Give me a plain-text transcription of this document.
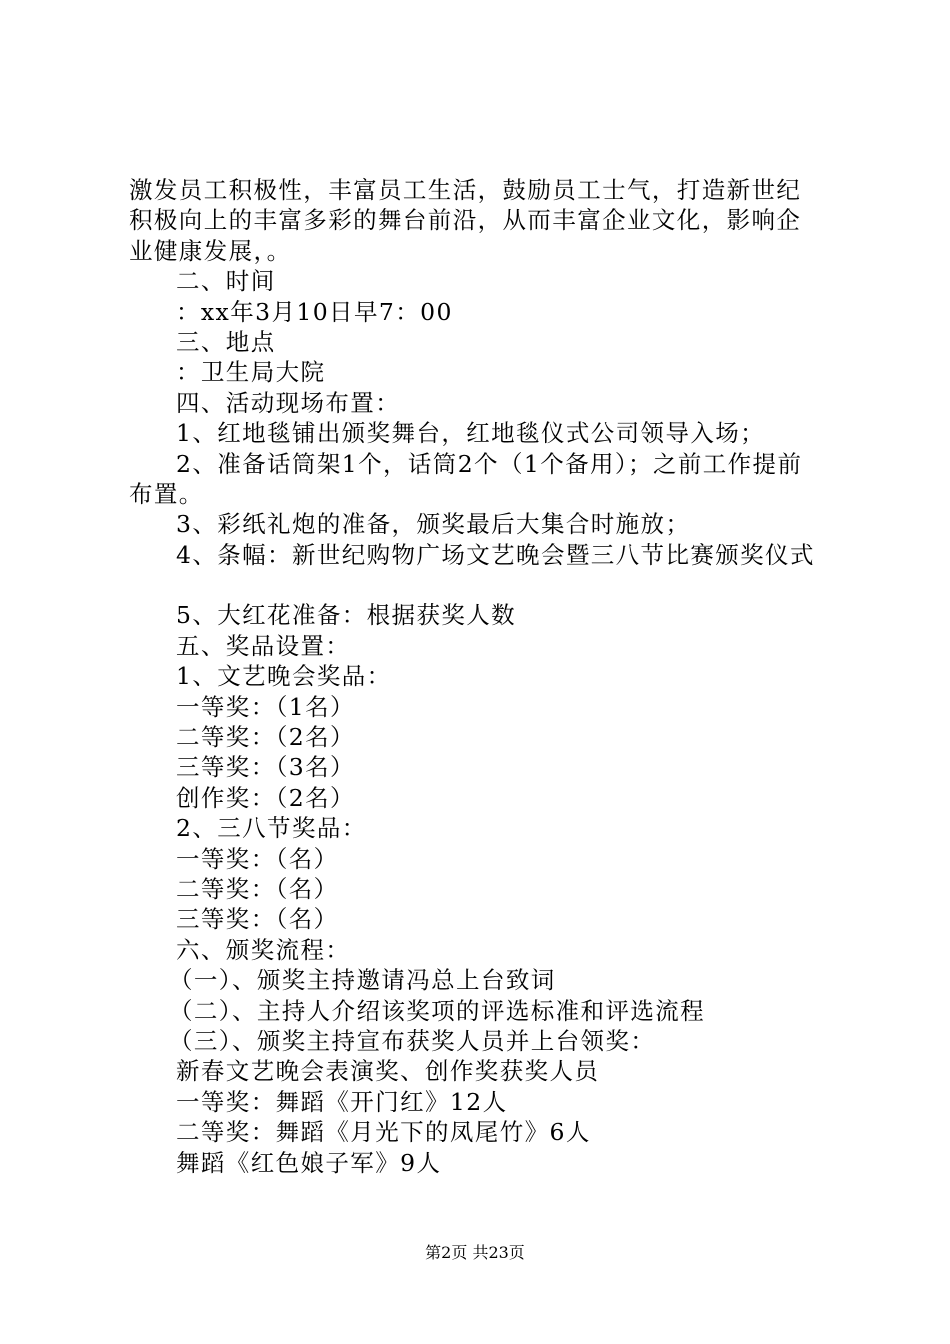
激发员工积极性，丰富员工生活，鼓励员工士气，打造新世纪
积极向上的丰富多彩的舞台前沿，从而丰富企业文化，影响企
业健康发展，。
二、时间
：xx年3月10日早7：00
三、地点
：卫生局大院
四、活动现场布置：
1、红地毯铺出颁奖舞台，红地毯仪式公司领导入场；
2、准备话筒架1个，话筒2个（1个备用）；之前工作提前
布置。
3、彩纸礼炮的准备，颁奖最后大集合时施放；
4、条幅：新世纪购物广场文艺晚会暨三八节比赛颁奖仪式
5、大红花准备：根据获奖人数
五、奖品设置：
1、文艺晚会奖品：
一等奖：（1名）
二等奖：（2名）
三等奖：（3名）
创作奖：（2名）
2、三八节奖品：
一等奖：（名）
二等奖：（名）
三等奖：（名）
六、颁奖流程：
（一）、颁奖主持邀请冯总上台致词
（二）、主持人介绍该奖项的评选标准和评选流程
（三）、颁奖主持宣布获奖人员并上台领奖：
新春文艺晚会表演奖、创作奖获奖人员
一等奖：舞蹈《开门红》12人
二等奖：舞蹈《月光下的凤尾竹》6人
舞蹈《红色娘子军》9人
第2页 共23页
